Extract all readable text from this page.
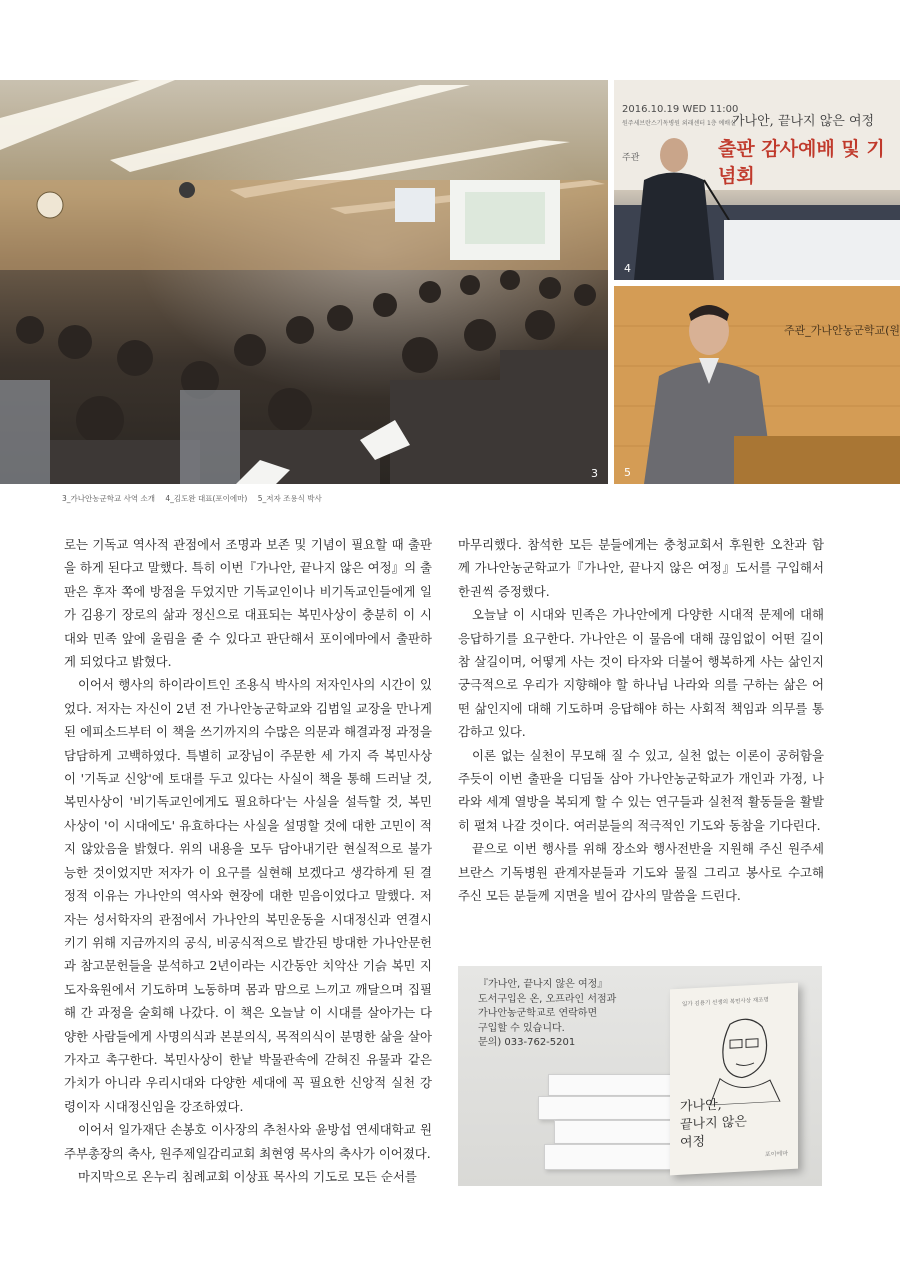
3
2016.10.19 WED 11:00
원주세브란스기독병원 외래센터 1층 예배실
가나안, 끝나지 않은 여정
출판 감사예배 및 기념회
주관
4
주관_가나안농군학교(원
5
3_가나안농군학교 사역 소개 4_김도완 대표(포이에마) 5_저자 조용식 박사

로는 기독교 역사적 관점에서 조명과 보존 및 기념이 필요할 때 출판을 하게 된다고 말했다. 특히 이번『가나안, 끝나지 않은 여정』의 출판은 후자 쪽에 방점을 두었지만 기독교인이나 비기독교인들에게 일가 김용기 장로의 삶과 정신으로 대표되는 복민사상이 충분히 이 시대와 민족 앞에 울림을 줄 수 있다고 판단해서 포이에마에서 출판하게 되었다고 밝혔다.

이어서 행사의 하이라이트인 조용식 박사의 저자인사의 시간이 있었다. 저자는 자신이 2년 전 가나안농군학교와 김범일 교장을 만나게 된 에피소드부터 이 책을 쓰기까지의 수많은 의문과 해결과정 과정을 담담하게 고백하였다. 특별히 교장님이 주문한 세 가지 즉 복민사상이 '기독교 신앙'에 토대를 두고 있다는 사실이 책을 통해 드러날 것, 복민사상이 '비기독교인에게도 필요하다'는 사실을 설득할 것, 복민사상이 '이 시대에도' 유효하다는 사실을 설명할 것에 대한 고민이 적지 않았음을 밝혔다. 위의 내용을 모두 담아내기란 현실적으로 불가능한 것이었지만 저자가 이 요구를 실현해 보겠다고 생각하게 된 결정적 이유는 가나안의 역사와 현장에 대한 믿음이었다고 말했다. 저자는 성서학자의 관점에서 가나안의 복민운동을 시대정신과 연결시키기 위해 지금까지의 공식, 비공식적으로 발간된 방대한 가나안문헌과 참고문헌들을 분석하고 2년이라는 시간동안 치악산 기슭 복민 지도자육원에서 기도하며 노동하며 몸과 맘으로 느끼고 깨달으며 집필해 간 과정을 술회해 나갔다. 이 책은 오늘날 이 시대를 살아가는 다양한 사람들에게 사명의식과 본분의식, 목적의식이 분명한 삶을 살아가자고 촉구한다. 복민사상이 한낱 박물관속에 갇혀진 유물과 같은 가치가 아니라 우리시대와 다양한 세대에 꼭 필요한 신앙적 실천 강령이자 시대정신임을 강조하였다.

이어서 일가재단 손봉호 이사장의 추천사와 윤방섭 연세대학교 원주부총장의 축사, 원주제일감리교회 최현영 목사의 축사가 이어졌다.

마지막으로 온누리 침례교회 이상표 목사의 기도로 모든 순서를

마무리했다. 참석한 모든 분들에게는 충청교회서 후원한 오찬과 함께 가나안농군학교가『가나안, 끝나지 않은 여정』도서를 구입해서 한권씩 증정했다.

오늘날 이 시대와 민족은 가나안에게 다양한 시대적 문제에 대해 응답하기를 요구한다. 가나안은 이 물음에 대해 끊임없이 어떤 길이 참 살길이며, 어떻게 사는 것이 타자와 더불어 행복하게 사는 삶인지 궁극적으로 우리가 지향해야 할 하나님 나라와 의를 구하는 삶은 어떤 삶인지에 대해 기도하며 응답해야 하는 사회적 책임과 의무를 통감하고 있다.

이론 없는 실천이 무모해 질 수 있고, 실천 없는 이론이 공허함을 주듯이 이번 출판을 디딤돌 삼아 가나안농군학교가 개인과 가정, 나라와 세계 열방을 복되게 할 수 있는 연구들과 실천적 활동들을 활발히 펼쳐 나갈 것이다. 여러분들의 적극적인 기도와 동참을 기다린다.

끝으로 이번 행사를 위해 장소와 행사전반을 지원해 주신 원주세브란스 기독병원 관계자분들과 기도와 물질 그리고 봉사로 수고해 주신 모든 분들께 지면을 빌어 감사의 말씀을 드린다.

『가나안, 끝나지 않은 여정』
도서구입은 온, 오프라인 서점과
가나안농군학교로 연락하면
구입할 수 있습니다.
문의) 033-762-5201
일가 김용기 선생의 복민사상 재조명
가나안,
끝나지 않은
여정
포이에마
